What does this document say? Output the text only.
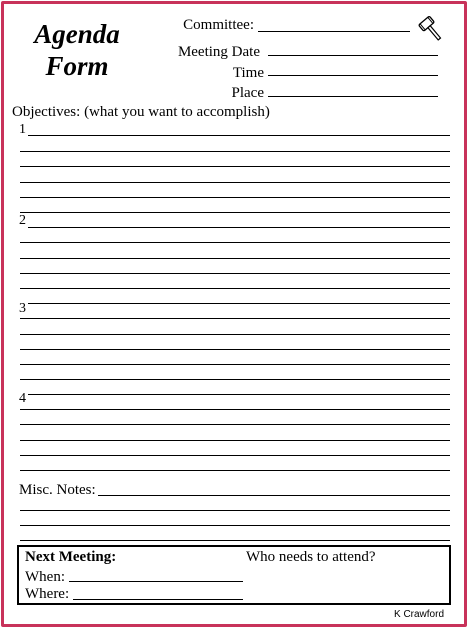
Agenda Form
Committee:
Meeting Date
Time
Place
Objectives: (what you want to accomplish)
1
2
3
4
Misc. Notes:
Next Meeting:	Who needs to attend?
When:
Where:
K Crawford
